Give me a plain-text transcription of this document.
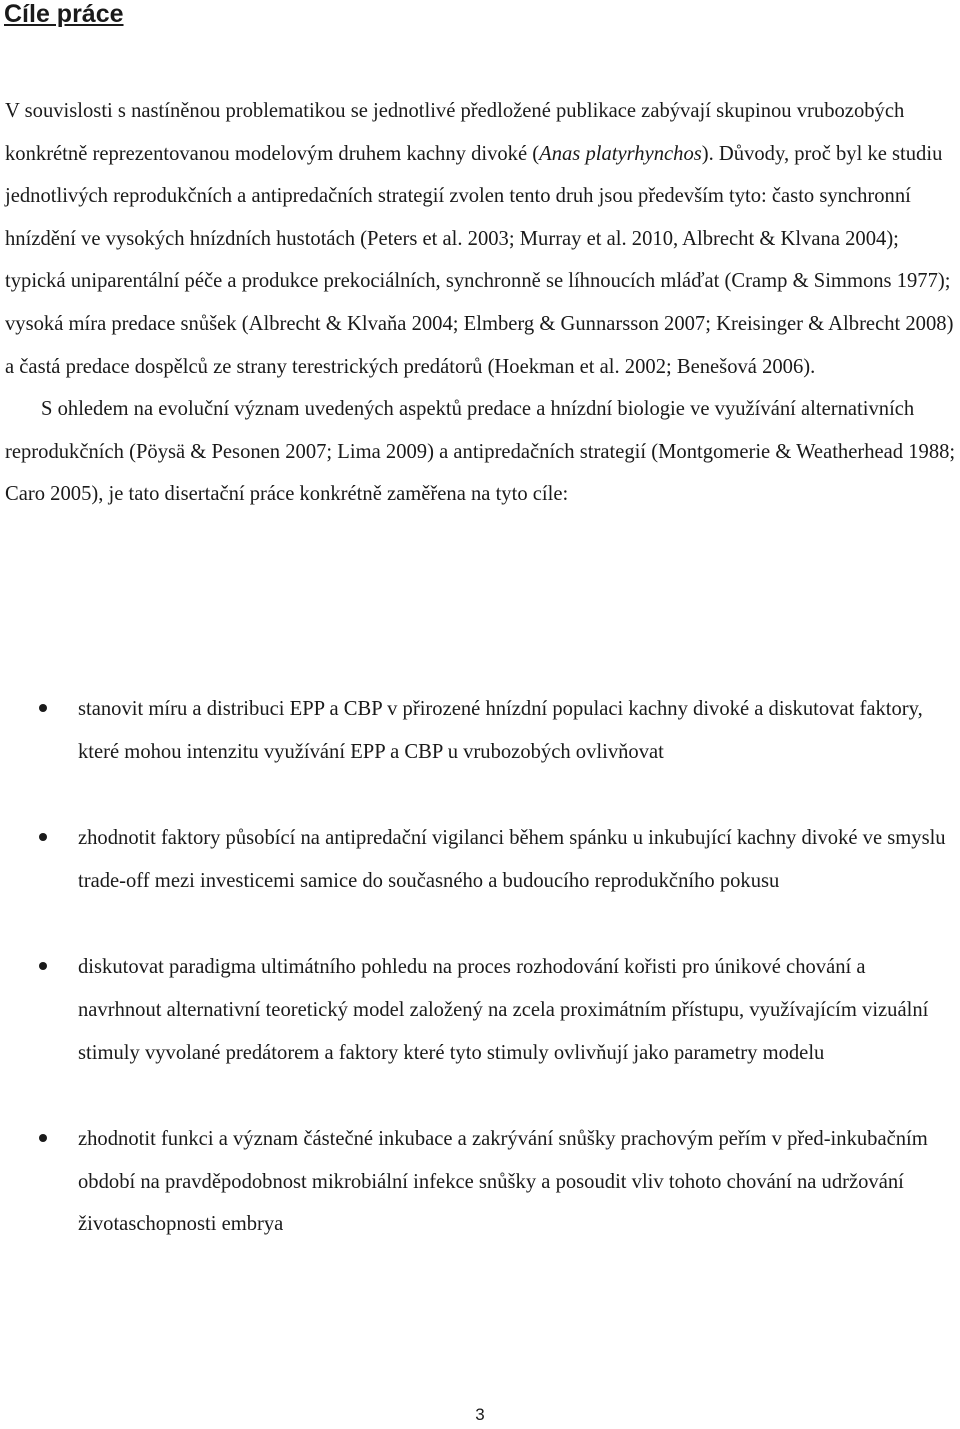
Cíle práce

V souvislosti s nastíněnou problematikou se jednotlivé předložené publikace zabývají skupinou vrubozobých konkrétně reprezentovanou modelovým druhem kachny divoké (Anas platyrhynchos). Důvody, proč byl ke studiu jednotlivých reprodukčních a antipredačních strategií zvolen tento druh jsou především tyto: často synchronní hnízdění ve vysokých hnízdních hustotách (Peters et al. 2003; Murray et al. 2010, Albrecht & Klvana 2004); typická uniparentální péče a produkce prekociálních, synchronně se líhnoucích mláďat (Cramp & Simmons 1977); vysoká míra predace snůšek (Albrecht & Klvaňa 2004; Elmberg & Gunnarsson 2007; Kreisinger & Albrecht 2008) a častá predace dospělců ze strany terestrických predátorů (Hoekman et al. 2002; Benešová 2006).

S ohledem na evoluční význam uvedených aspektů predace a hnízdní biologie ve využívání alternativních reprodukčních (Pöysä & Pesonen 2007; Lima 2009) a antipredačních strategií (Montgomerie & Weatherhead 1988; Caro 2005), je tato disertační práce konkrétně zaměřena na tyto cíle:

stanovit míru a distribuci EPP a CBP v přirozené hnízdní populaci kachny divoké a diskutovat faktory, které mohou intenzitu využívání EPP a CBP u vrubozobých ovlivňovat
zhodnotit faktory působící na antipredační vigilanci během spánku u inkubující kachny divoké ve smyslu trade-off mezi investicemi samice do současného a budoucího reprodukčního pokusu
diskutovat paradigma ultimátního pohledu na proces rozhodování kořisti pro únikové chování a navrhnout alternativní teoretický model založený na zcela proximátním přístupu, využívajícím vizuální stimuly vyvolané predátorem a faktory které tyto stimuly ovlivňují jako parametry modelu
zhodnotit funkci a význam částečné inkubace a zakrývání snůšky prachovým peřím v před-inkubačním období na pravděpodobnost mikrobiální infekce snůšky a posoudit vliv tohoto chování na udržování životaschopnosti embrya
3
